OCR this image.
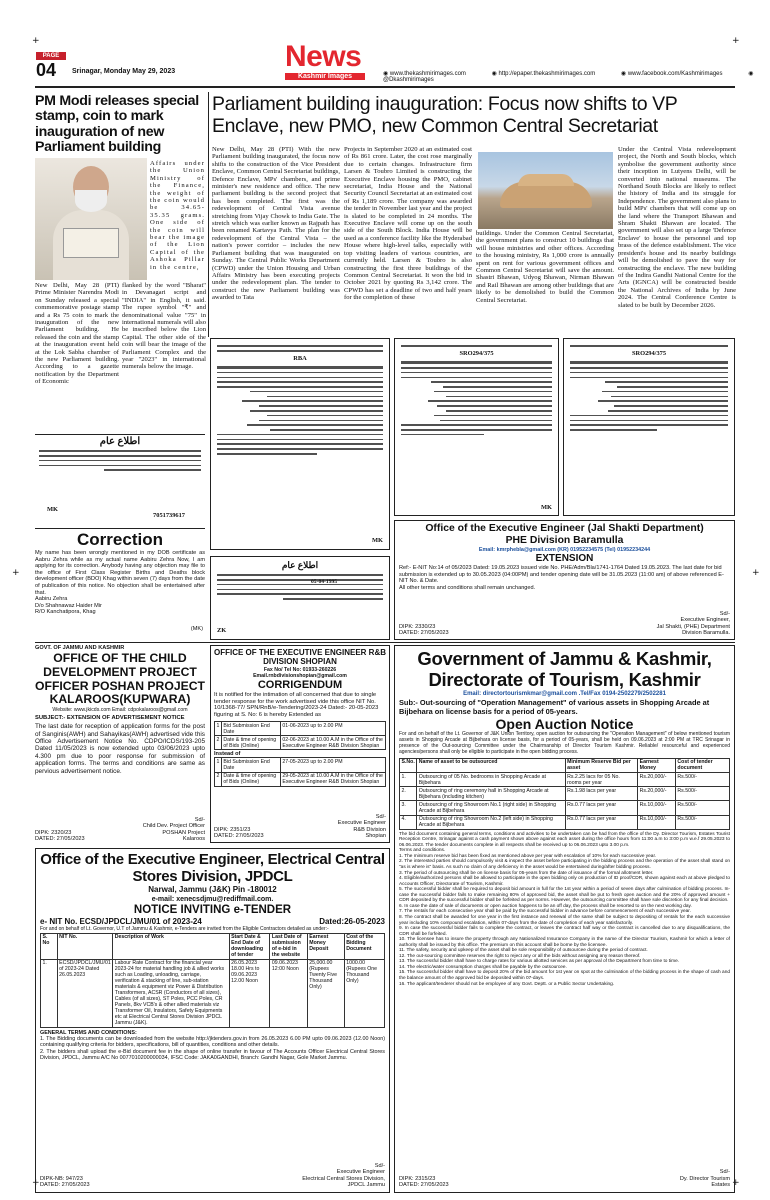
+	+
+	+
+	+
PAGE
04	Srinagar, Monday May 29, 2023	News
Kashmir Images	◉ www.thekashmirimages.com	◉ http://epaper.thekashmirimages.com	◉ www.facebook.com/Kashmirimages	◉ @Dkashmirimages
PM Modi releases special stamp, coin to mark inauguration of new Parliament building
Affairs under the Union Ministry of the Finance, the weight of the coin would be 34.65-35.35 grams. One side of the coin will bear the image of the Lion Capital of the Ashoka Pillar in the centre,
New Delhi, May 28 (PTI) Prime Minister Narendra Modi on Sunday released a special commemorative postage stamp and a Rs 75 coin to mark the inauguration of the new Parliament building. He released the coin and the stamp at the inauguration event held at the Lok Sabha chamber of the new Parliament building. According to a gazette notification by the Department of Economic
flanked by the word "Bharat" in Devanagari script and "INDIA" in English, it said. The rupee symbol "₹" and denominational value "75" in international numerals will also be inscribed below the Lion Capital. The other side of the coin will bear the image of the Parliament Complex and the year "2023" in international numerals below the image.
Parliament building inauguration: Focus now shifts to VP Enclave, new PMO, new Common Central Secretariat
New Delhi, May 28 (PTI) With the new Parliament building inaugurated, the focus now shifts to the construction of the Vice President Enclave, Common Central Secretariat buildings, Defence Enclave, MPs' chambers, and prime minister's new residence and office. The new parliament building is the second project that has been completed. The first was the redevelopment of Central Vista avenue stretching from Vijay Chowk to India Gate. The stretch which was earlier known as Rajpath has been renamed Kartavya Path. The plan for the redevelopment of the Central Vista – the nation's power corridor – includes the new Parliament building that was inaugurated on Sunday. The Central Public Works Department (CPWD) under the Union Housing and Urban Affairs Ministry has been executing projects under the redevelopment plan. The tender to construct the new Parliament building was awarded to Tata
Projects in September 2020 at an estimated cost of Rs 861 crore. Later, the cost rose marginally due to certain changes. Infrastructure firm Larsen & Toubro Limited is constructing the Executive Enclave housing the PMO, cabinet secretariat, India House and the National Security Council Secretariat at an estimated cost of Rs 1,189 crore. The company was awarded the tender in November last year and the project is slated to be completed in 24 months. The Executive Enclave will come up on the south side of the South Block. India House will be used as a conference facility like the Hyderabad House where high-level talks, especially with top visiting leaders of various countries, are currently held. Larsen & Toubro is also constructing the first three buildings of the Common Central Secretariat. It won the bid in October 2021 by quoting Rs 3,142 crore. The CPWD has set a deadline of two and half years for the completion of these
buildings. Under the Common Central Secretariat, the government plans to construct 10 buildings that will house ministries and other offices. According to the housing ministry, Rs 1,000 crore is annually spent on rent for various government offices and Common Central Secretariat will save the amount. Shastri Bhawan, Udyog Bhawan, Nirman Bhawan and Rail Bhawan are among other buildings that are likely to be demolished to build the Common Central Secretariat.
Under the Central Vista redevelopment project, the North and South blocks, which symbolise the government authority since their inception in Lutyens Delhi, will be converted into national museums. The Northand South Blocks are likely to reflect the history of India and its struggle for Independence. The government also plans to build MPs' chambers that will come up on the land where the Transport Bhawan and Shram Shakti Bhawan are located. The government will also set up a large 'Defence Enclave' to house the personnel and top brass of the defence establishment. The vice president's house and its nearby buildings will be demolished to pave the way for constructing the enclave. The new building of the Indira Gandhi National Centre for the Arts (IGNCA) will be constructed beside the National Archives of India by June 2024. The Central Conference Centre is slated to be built by December 2026.
اطلاع عام
MK
7051739617
RBA
MK
SRO294/375
MK
SRO294/375
اطلاع عام
05-04-1995
ZK
Correction
My name has been wrongly mentioned in my DOB certificate as Aabru Zehra while as my actual name Aabiru Zehra Now, I am applying for its correction. Anybody having any objection may file to the office of First Class Register Births and Deaths block development officer (BDO) Khag within seven (7) days from the date of publication of this notice. No objection shall be entertained after that.
Aabiru Zehra
D/o Shahnawaz Haider Mir
R/O Kanchatipora, Khag
(MK)
Office of the Executive Engineer (Jal Shakti Department)
PHE Division Baramulla
Email: kmrphebla@gmail.com (KR) 01952234575 (Tel) 01952234244
EXTENSION
Ref:- E-NIT No:14 of 05/2023 Dated: 19.05.2023 issued vide No. PHE/Adm/Bla/1741-1764 Dated 19.05.2023. The last date for bid submission is extended up to 30.05.2023 (04:00PM) and tender opening date will be 31.05.2023 (11:00 am) of above referenced E-NIT No. & Date.
All other terms and conditions shall remain unchanged.
DIPK: 2330/23
DATED: 27/05/2023
Sd/-
Executive Engineer,
Jal Shakti, (PHE) Department
Division Baramulla.
GOVT. OF JAMMU AND KASHMIR
OFFICE OF THE CHILD DEVELOPMENT PROJECT OFFICER POSHAN PROJECT KALAROOS(KUPWARA)
Website: www.jkicds.com Email: cdpokalaroos@gmail.com
SUBJECT:- EXTENSION OF ADVERTISEMENT NOTICE
The last date for reception of application forms for the post of Sanginis(AWH) and Sahayikas(AWH) advertised vide this Office Advertisement Notice No. CDPO/ICDS/193-205 Dated 11/05/2023 is now extended upto 03/06/2023 upto 4.300 pm due to poor response for submission of application forms. The terms and conditions are same as pervious advertisement notice.
DIPK: 2320/23
DATED: 27/05/2023
Sd/-
Child Dev. Project Officer
POSHAN Project
Kalaroos
OFFICE OF THE EXECUTIVE ENGINEER R&B DIVISION SHOPIAN
Fax No/ Tel No: 01933-260226
Email.rnbdivisionshopian@gmail.com
CORRIGENDUM
It is notified for the intimation of all concerned that due to single tender response for the work advertised vide this office NIT No. 10/1368-77/ SPN/RnB/e-Tendering/2023-24 Dated:- 20-05-2023 figuring at S. No: 6 is hereby Extended as
1	Bid Submission End Date	01-06-2023 up to 2.00 PM
2	Date & time of opening of Bids (Online)	02-06-2023 at 10.00 A.M in the Office of the Executive Engineer R&B Division Shopian
Instead of
1	Bid Submission End Date	27-05-2023 up to 2.00 PM
2	Date & time of opening of Bids (Online)	29-05-2023 at 10.00 A.M in the Office of the Executive Engineer R&B Division Shopian
DIPK: 2351/23
DATED: 27/05/2023
Sd/-
Executive Engineer
R&B Division
Shopian
Government of Jammu & Kashmir, Directorate of Tourism, Kashmir
Email: directortourismkmar@gmail.com .Tel/Fax 0194-2502279/2502281
Sub:- Out-sourcing of "Operation Management" of various assets in Shopping Arcade at Bijbehara on license basis for a period of 05-years.
Open Auction Notice
For and on behalf of the Lt. Governor of J&K Union Territory, open auction for outsourcing the "Operation Management" of below mentioned tourism assets in Shopping Arcade at Bijbehara on license basis, for a period of 05-years, shall be held on 09.06.2023 at 2:00 PM at TRC Srinagar in presence of the Out-sourcing Committee under the Chairmanship of Director Tourism Kashmir. Reliable/ resourceful and experienced agencies/persons shall only be eligible to participate in the open bidding process.
S.No.	Name of asset to be outsourced	Minimum Reserve Bid per asset	Earnest Money	Cost of tender document
1.	Outsourcing of 05 No. bedrooms in Shopping Arcade at Bijbehara	Rs.2.25 lacs for 05 No. rooms per year	Rs.20,000/-	Rs.500/-
2.	Outsourcing of ring ceremony hall in Shopping Arcade at Bijbehara (including kitchen)	Rs.1.98 lacs per year	Rs.20,000/-	Rs.500/-
3.	Outsourcing of ring Showroom No.1 (right side) in Shopping Arcade at Bijbehara	Rs.0.77 lacs per year	Rs.10,000/-	Rs.500/-
4.	Outsourcing of ring Showroom No.2 (left side) in Shopping Arcade at Bijbehara	Rs.0.77 lacs per year	Rs.10,000/-	Rs.500/-
The bid document containing general terms, conditions and activities to be undertaken can be had from the office of the Dy. Director Tourism, Estates Tourist Reception Centre, Srinagar against a cash payment shown above against each asset during the office hours from 11:00 a.m to 3:00 p.m w.e.f 29.05.2023 to 06.06.2023. The tender documents complete in all respects shall be received up to 06.06.2023 upto 3.00 p.m.
Terms and conditions.
1. The minimum reserve bid has been fixed as mentioned above per year with escalation of 10% for each successive year.
2. The interested parties should compulsorily visit & inspect the asset before participating in the bidding process and the operation of the asset shall stand on "as is where is" basis. As such no claim of any deficiency in the asset would be entertained during/after bidding process.
3. The period of outsourcing shall be on license basis for 05-years from the date of issuance of the formal allotment letter.
4. Eligible/authorized persons shall be allowed to participate in the open bidding only on production of ID proof/CDR, shown against each at above pledged to Accounts Officer, Directorate of Tourism, Kashmir.
5. The successful bidder shall be required to deposit bid amount in full for the 1st year within a period of seven days after culmination of bidding process. In-case the successful bidder fails to make remaining 80% of approved bid, the asset shall be put to fresh open auction and the 20% of approved amount + CDR deposited by the successful bidder shall be forfeited as per norms. However, the outsourcing committee shall have sole discretion for any final decision.
6. In case the date of sale of documents or open auction happens to be an off day, the process shall be resorted to on the next working day.
7. The rentals for each consecutive year shall be paid by the successful bidder in advance before commencement of each successive year.
8. The contract shall be awarded for one year in the first instance and renewal of the same shall be subject to depositing of rentals for the each successive year including 10% compound escalation, within 07-days from the date of completion of each year satisfactorily.
9. In case the successful bidder fails to complete the contract, or leaves the contract half way or the contract is cancelled due to any disqualifications, the CDR shall be forfeited.
10. The licensee has to insure the property through any Nationalized Insurance Company in the name of the Director Tourism, Kashmir for which a letter of authority shall be issued by this office. The premium on this account shall be borne by the licensee.
11. The safety, security and upkeep of the asset shall be sole responsibility of outsourcee during the period of contract.
12. The out-sourcing committee reserves the right to reject any or all the bids without assigning any reason thereof.
13. The successful bidder shall have to charge rates for various allotted services as per approval of the Department from time to time.
14. The electric/water consumption charges shall be payable by the outsourcee.
15. The successful bidder shall have to deposit 20% of the bid amount for 1st year on spot at the culmination of the bidding process in the shape of cash and the balance amount of the approved bid be deposited within 07-days.
16. The applicant/tenderer should not be employee of any Govt. Deptt. or a Public Sector Undertaking.
DIPK: 2315/23
DATED: 27/05/2023
Sd/-
Dy. Director Tourism
Estates
Office of the Executive Engineer, Electrical Central Stores Division, JPDCL
Narwal, Jammu (J&K) Pin -180012
e-mail: xenecsdjmu@rediffmail.com.
NOTICE INVITING e-TENDER
e- NIT No. ECSD/JPDCL/JMU/01 of 2023-24	Dated:26-05-2023
For and on behalf of Lt. Governor, U.T of Jammu & Kashmir, e-Tenders are invited from the Eligible Contractors detailed as under:-
S. No	NIT No.	Description of Work	Start Date & End Date of downloading of tender	Last Date of submission of e-bid in the website	Earnest Money Deposit	Cost of the Bidding Document
1.	ECSD/JPDCL/JMU/01 of 2023-24 Dated 26.05.2023	Labour Rate Contract for the financial year 2023-24 for material handling job & allied works such as Loading, unloading, carriage, verification & stacking of line, sub-station materials & equipment viz Power & Distribution Transformers, ACSR (Conductors of all sizes), Cables (of all sizes), ST Poles, PCC Poles, CR Panels, 8kv VCB's & other allied materials viz Transformer Oil, Insulators, Safety Equipments etc at Electrical Central Stores Division JPDCL Jammu (J&K).	26.05.2023 18.00 Hrs to 09.06.2023 12.00 Noon	09.06.2023 12:00 Noon	25,000.00 (Rupees Twenty Five Thousand Only)	1000.00 (Rupees One Thousand Only)
GENERAL TERMS AND CONDITIONS:
1. The Bidding documents can be downloaded from the website http://jktenders.gov.in from 26.05.2023 6.00 PM upto 09.06.2023 (12.00 Noon) containing qualifying criteria for bidders, specifications, bill of quantities, conditions and other details.
2. The bidders shall upload the e-Bid document fee in the shape of online transfer in favour of The Accounts Officer Electrical Central Stores Division, JPDCL, Jammu A/C No 0077010200000034, IFSC Code: JAKA0GANDHI, Branch: Gandhi Nagar, Gole Market Jammu.
DIPK-NB: 947/23
DATED: 27/05/2023
Sd/-
Executive Engineer
Electrical Central Stores Division,
JPDCL Jammu
